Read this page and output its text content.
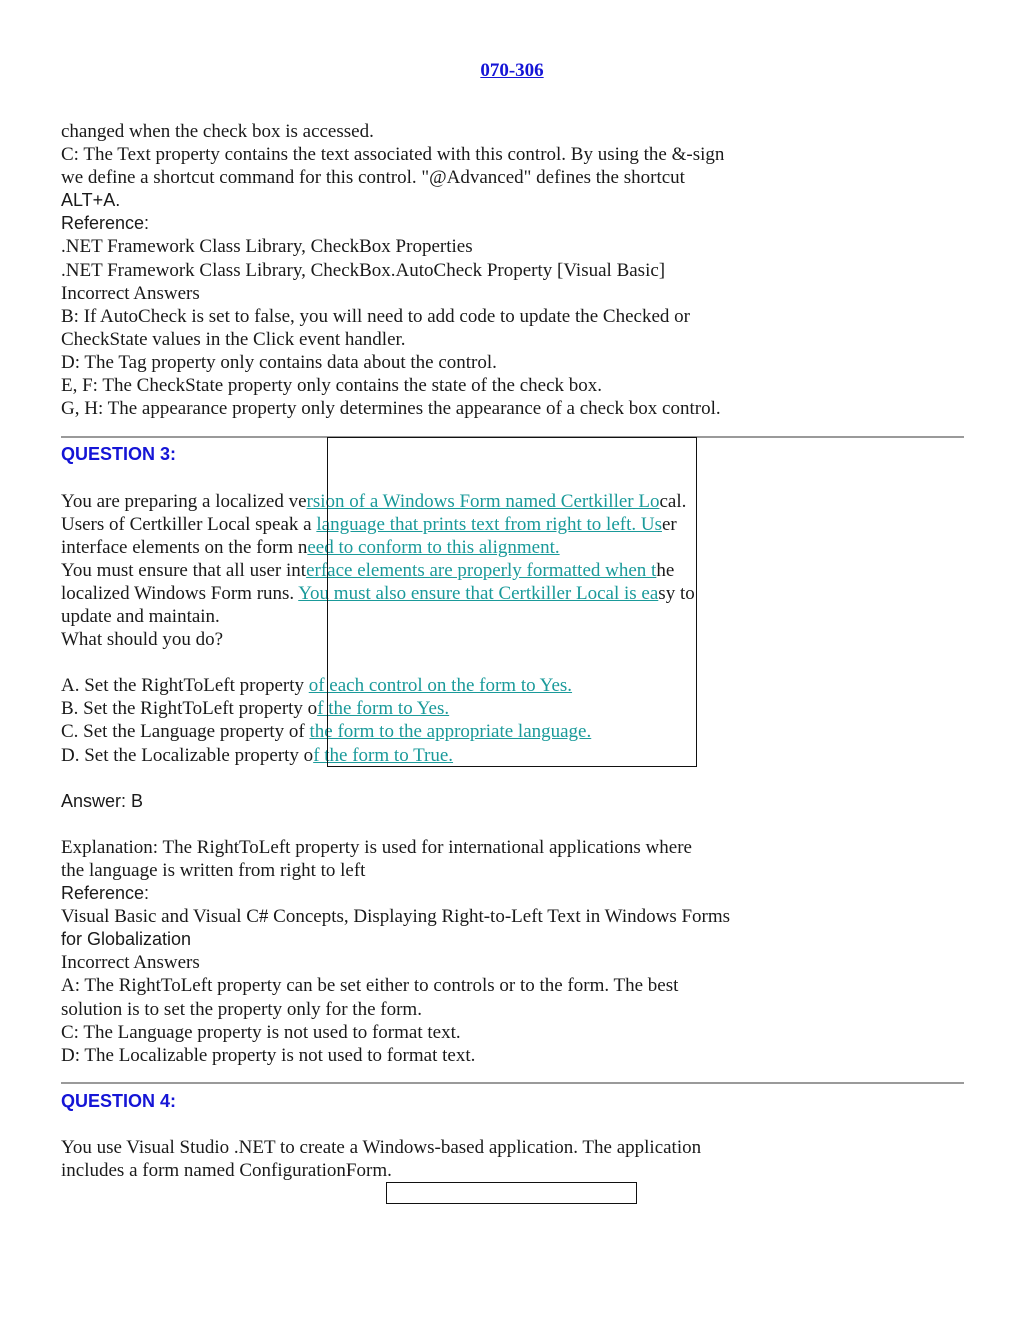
070-306
changed when the check box is accessed.
C: The Text property contains the text associated with this control. By using the &-sign
we define a shortcut command for this control. "@Advanced" defines the shortcut
ALT+A.
Reference:
.NET Framework Class Library, CheckBox Properties
.NET Framework Class Library, CheckBox.AutoCheck Property [Visual Basic]
Incorrect Answers
B: If AutoCheck is set to false, you will need to add code to update the Checked or
CheckState values in the Click event handler.
D: The Tag property only contains data about the control.
E, F: The CheckState property only contains the state of the check box.
G, H: The appearance property only determines the appearance of a check box control.
QUESTION 3:
You are preparing a localized version of a Windows Form named Certkiller Local.
Users of Certkiller Local speak a language that prints text from right to left. User
interface elements on the form need to conform to this alignment.
You must ensure that all user interface elements are properly formatted when the
localized Windows Form runs. You must also ensure that Certkiller Local is easy to
update and maintain.
What should you do?
A. Set the RightToLeft property of each control on the form to Yes.
B. Set the RightToLeft property of the form to Yes.
C. Set the Language property of the form to the appropriate language.
D. Set the Localizable property of the form to True.
Answer: B
Explanation: The RightToLeft property is used for international applications where
the language is written from right to left
Reference:
Visual Basic and Visual C# Concepts, Displaying Right-to-Left Text in Windows Forms
for Globalization
Incorrect Answers
A: The RightToLeft property can be set either to controls or to the form. The best
solution is to set the property only for the form.
C: The Language property is not used to format text.
D: The Localizable property is not used to format text.
QUESTION 4:
You use Visual Studio .NET to create a Windows-based application. The application
includes a form named ConfigurationForm.
